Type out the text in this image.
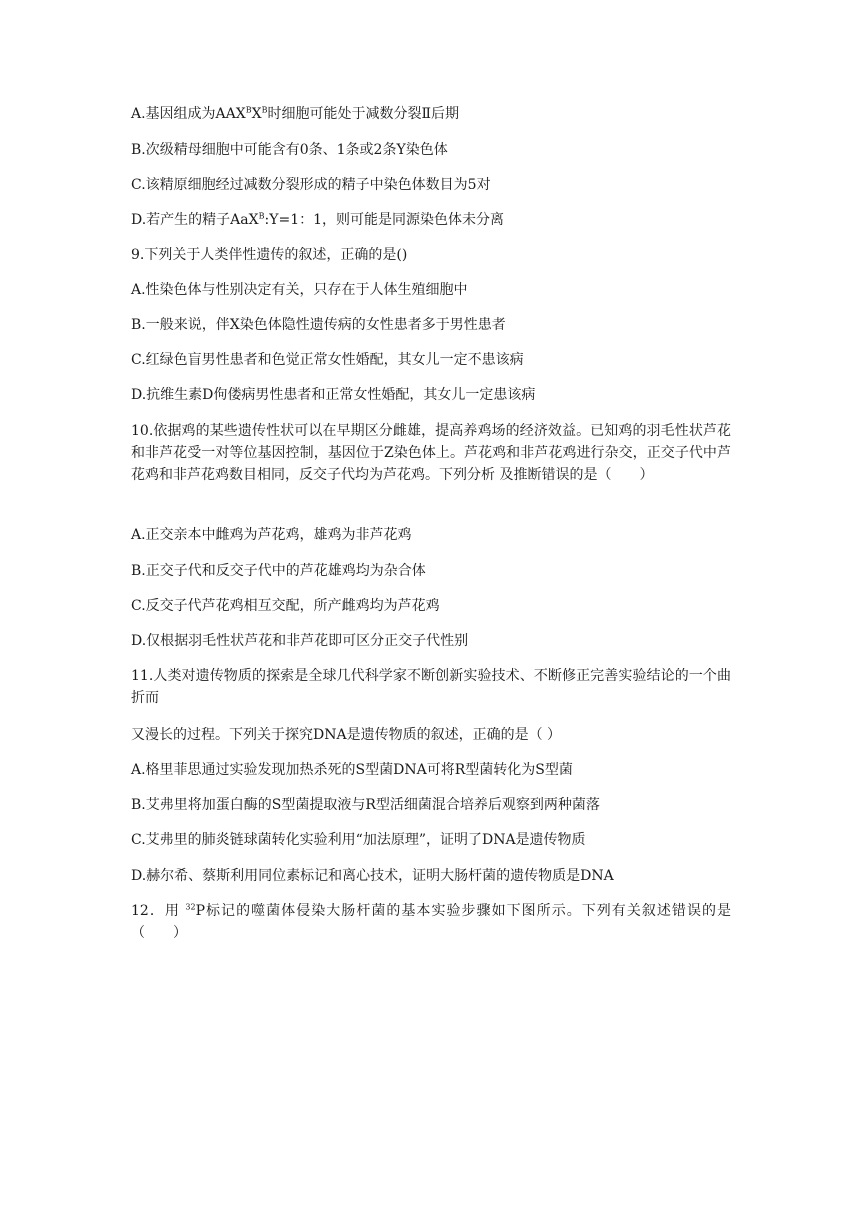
A.基因组成为$AAX^BX^B$时细胞可能处于减数分裂Ⅱ后期
B.次级精母细胞中可能含有0条、1条或2条Y染色体
C.该精原细胞经过减数分裂形成的精子中染色体数目为5对
D.若产生的精子AaX$^B$:Y=1：1，则可能是同源染色体未分离
9.下列关于人类伴性遗传的叙述，正确的是()
A.性染色体与性别决定有关，只存在于人体生殖细胞中
B.一般来说，伴X染色体隐性遗传病的女性患者多于男性患者
C.红绿色盲男性患者和色觉正常女性婚配，其女儿一定不患该病
D.抗维生素D佝偻病男性患者和正常女性婚配，其女儿一定患该病
10.依据鸡的某些遗传性状可以在早期区分雌雄，提高养鸡场的经济效益。已知鸡的羽毛性状芦花和非芦花受一对等位基因控制，基因位于Z染色体上。芦花鸡和非芦花鸡进行杂交，正交子代中芦花鸡和非芦花鸡数目相同，反交子代均为芦花鸡。下列分析 及推断错误的是（　　）
A.正交亲本中雌鸡为芦花鸡，雄鸡为非芦花鸡
B.正交子代和反交子代中的芦花雄鸡均为杂合体
C.反交子代芦花鸡相互交配，所产雌鸡均为芦花鸡
D.仅根据羽毛性状芦花和非芦花即可区分正交子代性别
11.人类对遗传物质的探索是全球几代科学家不断创新实验技术、不断修正完善实验结论的一个曲折而
又漫长的过程。下列关于探究DNA是遗传物质的叙述，正确的是（ ）
A.格里菲思通过实验发现加热杀死的S型菌DNA可将R型菌转化为S型菌
B.艾弗里将加蛋白酶的S型菌提取液与R型活细菌混合培养后观察到两种菌落
C.艾弗里的肺炎链球菌转化实验利用“加法原理”，证明了DNA是遗传物质
D.赫尔希、蔡斯利用同位素标记和离心技术，证明大肠杆菌的遗传物质是DNA
12．用 $^{32}$P标记的噬菌体侵染大肠杆菌的基本实验步骤如下图所示。下列有关叙述错误的是（　　）
